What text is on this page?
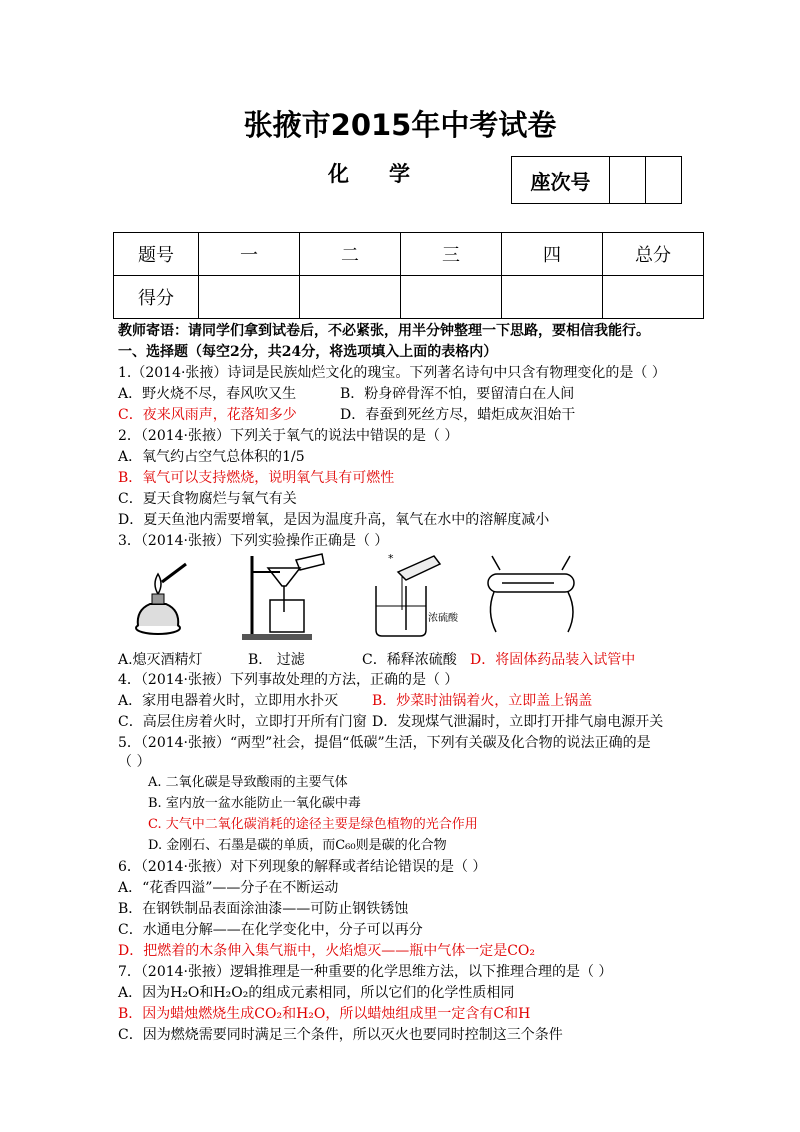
张掖市2015年中考试卷
化学	座次号		
题号	一	二	三	四	总分
得分					
教师寄语：请同学们拿到试卷后，不必紧张，用半分钟整理一下思路，要相信我能行。
一、选择题（每空2分，共24分，将选项填入上面的表格内）
1.（2014·张掖）诗词是民族灿烂文化的瑰宝。下列著名诗句中只含有物理变化的是（ ）
A．野火烧不尽，春风吹又生	B．粉身碎骨浑不怕，要留清白在人间
C．夜来风雨声，花落知多少	D．春蚕到死丝方尽，蜡炬成灰泪始干
2．（2014·张掖）下列关于氧气的说法中错误的是（ ）
A．氧气约占空气总体积的1/5
B．氧气可以支持燃烧，说明氧气具有可燃性
C．夏天食物腐烂与氧气有关
D．夏天鱼池内需要增氧，是因为温度升高，氧气在水中的溶解度减小
3．（2014·张掖）下列实验操作正确是（ ）
*
浓硫酸
A.熄灭酒精灯	B． 过滤	C．稀释浓硫酸 D．将固体药品装入试管中
4．（2014·张掖）下列事故处理的方法，正确的是（ ）
A．家用电器着火时，立即用水扑灭 B．炒菜时油锅着火，立即盖上锅盖
C．高层住房着火时，立即打开所有门窗 D．发现煤气泄漏时，立即打开排气扇电源开关
5．（2014·张掖）“两型”社会，提倡“低碳”生活，下列有关碳及化合物的说法正确的是
（ ）
A. 二氧化碳是导致酸雨的主要气体
B. 室内放一盆水能防止一氧化碳中毒
C. 大气中二氧化碳消耗的途径主要是绿色植物的光合作用
D. 金刚石、石墨是碳的单质，而C₆₀则是碳的化合物
6．（2014·张掖）对下列现象的解释或者结论错误的是（ ）
A．“花香四溢”——分子在不断运动
B．在钢铁制品表面涂油漆——可防止钢铁锈蚀
C．水通电分解——在化学变化中，分子可以再分
D．把燃着的木条伸入集气瓶中，火焰熄灭——瓶中气体一定是CO₂
7．（2014·张掖）逻辑推理是一种重要的化学思维方法，以下推理合理的是（ ）
A．因为H₂O和H₂O₂的组成元素相同，所以它们的化学性质相同
B．因为蜡烛燃烧生成CO₂和H₂O，所以蜡烛组成里一定含有C和H
C．因为燃烧需要同时满足三个条件，所以灭火也要同时控制这三个条件
